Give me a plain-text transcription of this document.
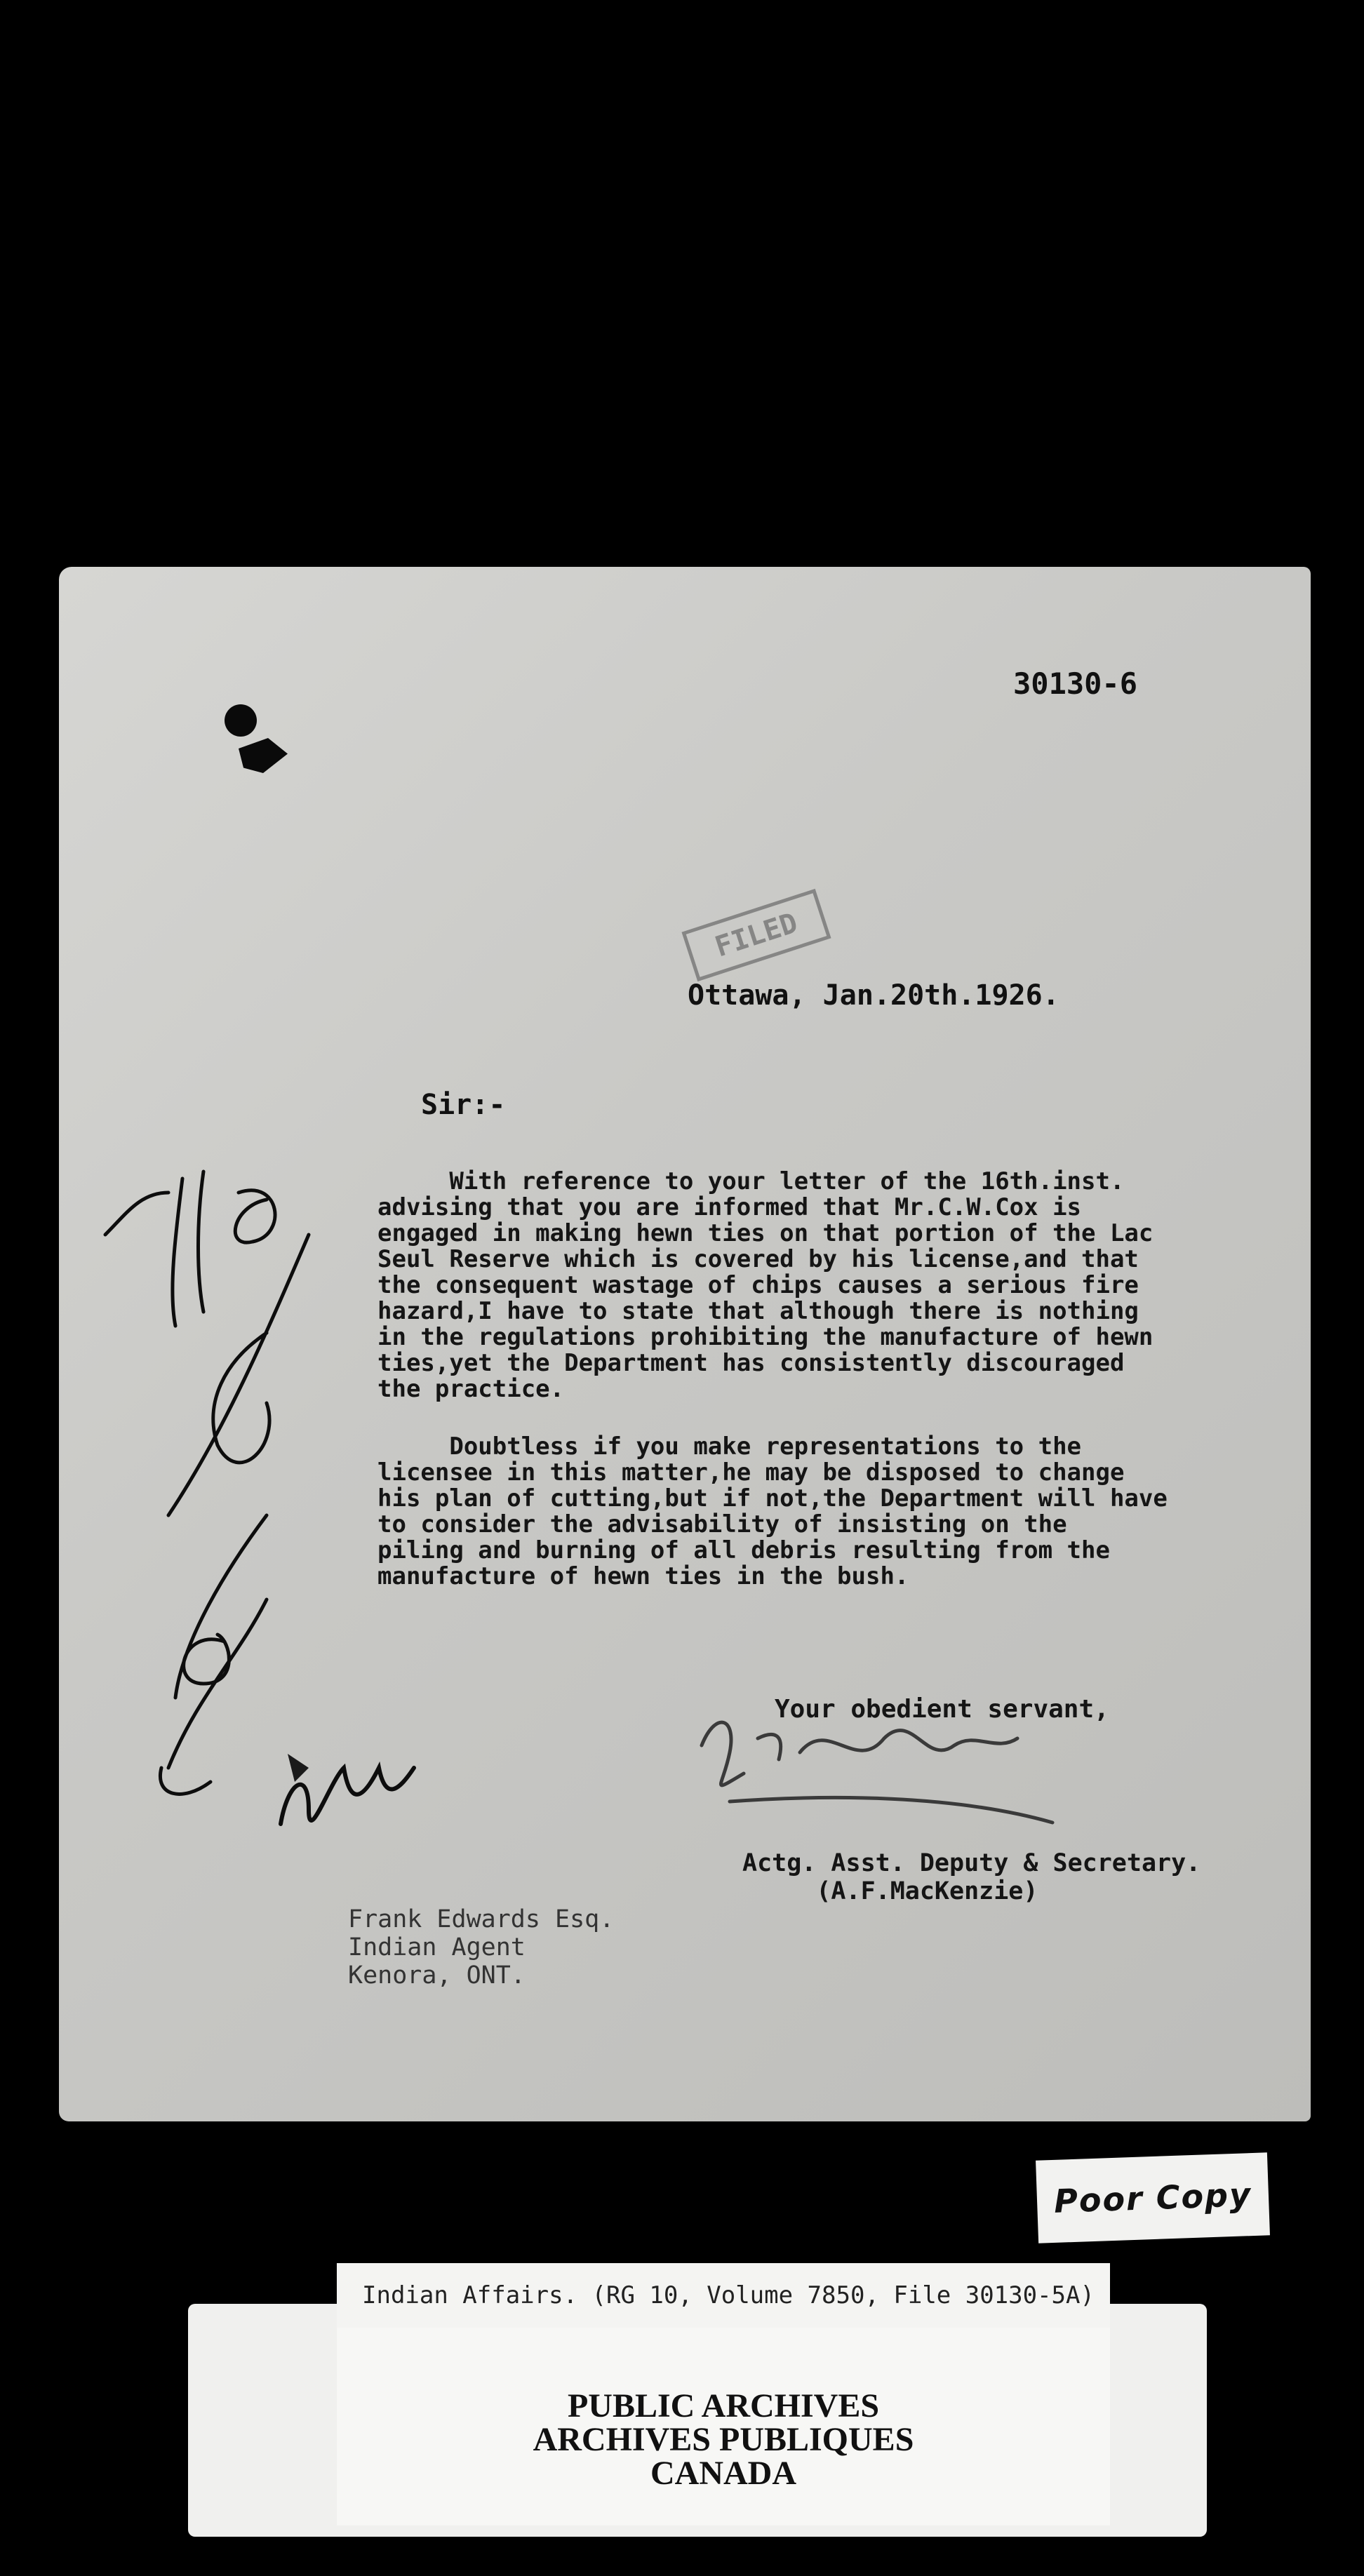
30130-6
FILED
Ottawa, Jan.20th.1926.
Sir:-
With reference to your letter of the 16th.inst.
advising that you are informed that Mr.C.W.Cox is
engaged in making hewn ties on that portion of the Lac
Seul Reserve which is covered by his license,and that
the consequent wastage of chips causes a serious fire
hazard,I have to state that although there is nothing
in the regulations prohibiting the manufacture of hewn
ties,yet the Department has consistently discouraged
the practice.
Doubtless if you make representations to the
licensee in this matter,he may be disposed to change
his plan of cutting,but if not,the Department will have
to consider the advisability of insisting on the
piling and burning of all debris resulting from the
manufacture of hewn ties in the bush.
Your obedient servant,
Actg. Asst. Deputy & Secretary.
(A.F.MacKenzie)
Frank Edwards Esq.
Indian Agent
Kenora, ONT.
Poor Copy
Indian Affairs. (RG 10, Volume 7850, File 30130-5A)
PUBLIC ARCHIVES
ARCHIVES PUBLIQUES
CANADA
